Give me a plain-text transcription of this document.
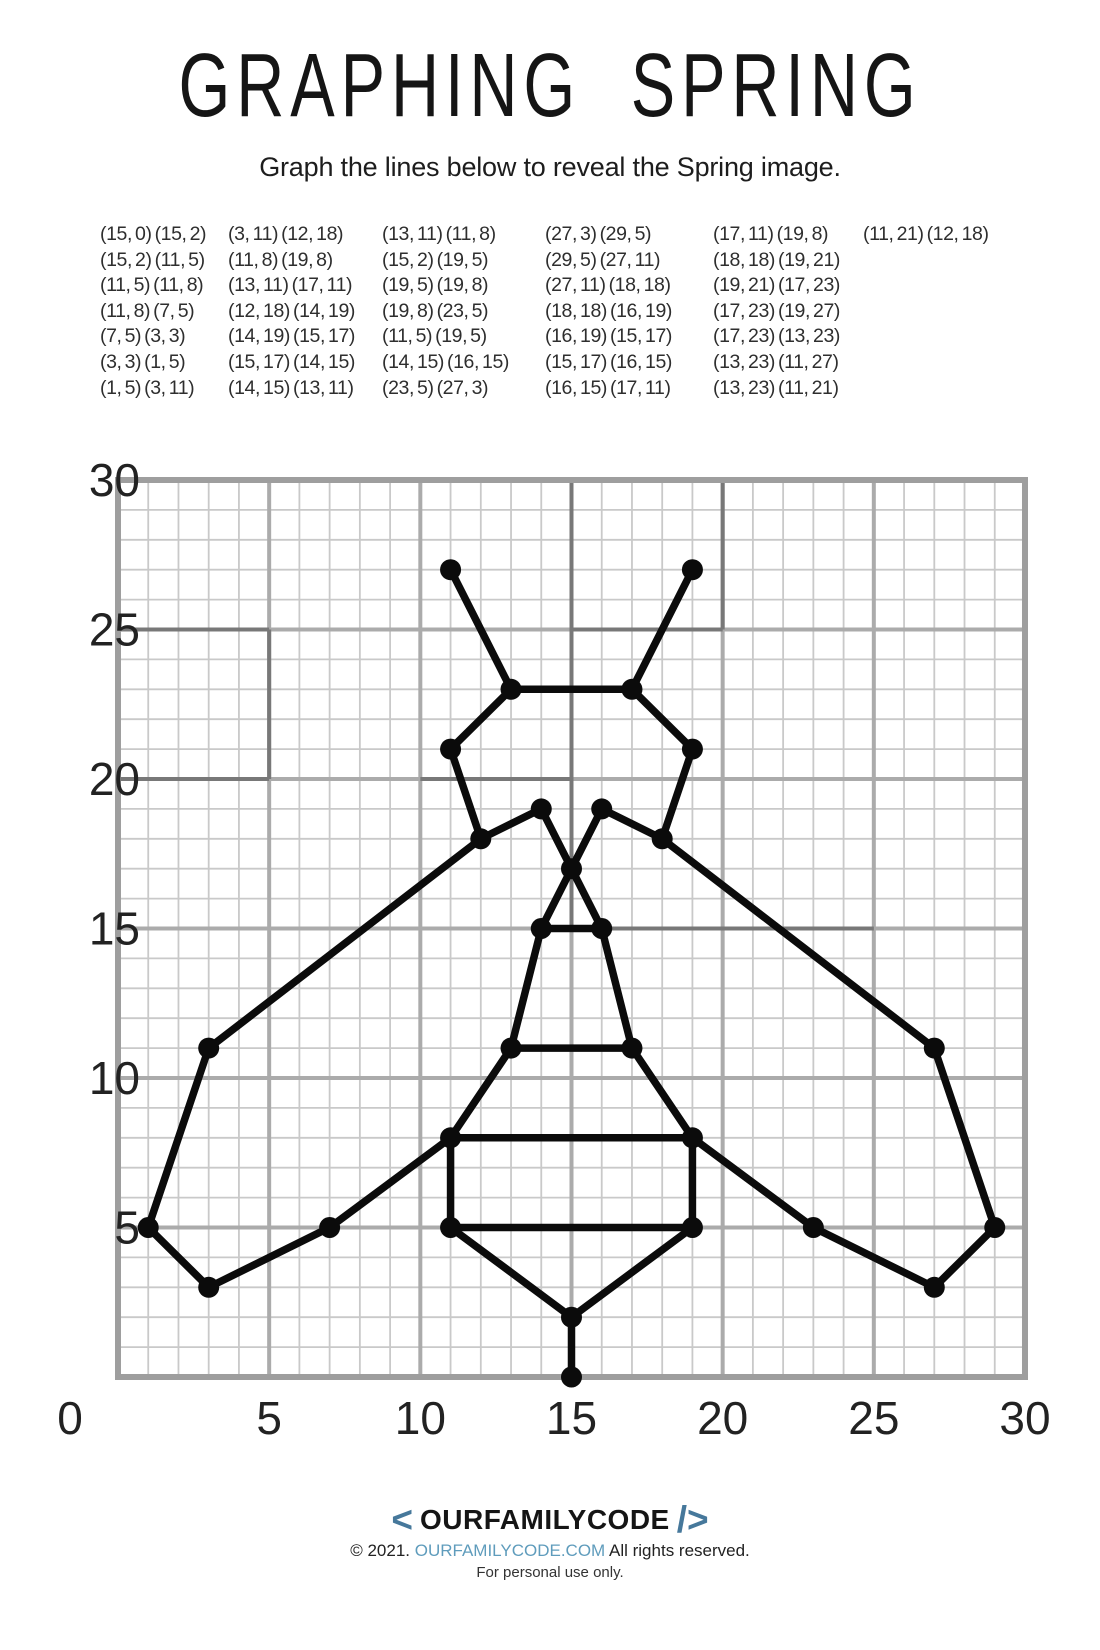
GRAPHING SPRING
Graph the lines below to reveal the Spring image.
(15, 0) (15, 2)
(15, 2) (11, 5)
(11, 5) (11, 8)
(11, 8) (7, 5)
(7, 5) (3, 3)
(3, 3) (1, 5)
(1, 5) (3, 11)
(3, 11) (12, 18)
(11, 8) (19, 8)
(13, 11) (17, 11)
(12, 18) (14, 19)
(14, 19) (15, 17)
(15, 17) (14, 15)
(14, 15) (13, 11)
(13, 11) (11, 8)
(15, 2) (19, 5)
(19, 5) (19, 8)
(19, 8) (23, 5)
(11, 5) (19, 5)
(14, 15) (16, 15)
(23, 5) (27, 3)
(27, 3) (29, 5)
(29, 5) (27, 11)
(27, 11) (18, 18)
(18, 18) (16, 19)
(16, 19) (15, 17)
(15, 17) (16, 15)
(16, 15) (17, 11)
(17, 11) (19, 8)
(18, 18) (19, 21)
(19, 21) (17, 23)
(17, 23) (19, 27)
(17, 23) (13, 23)
(13, 23) (11, 27)
(13, 23) (11, 21)
(11, 21) (12, 18)
0	5 10 15 20 25 30
5
10
15
20
25
30
< OURFAMILYCODE />
© 2021. OURFAMILYCODE.COM All rights reserved.
For personal use only.
